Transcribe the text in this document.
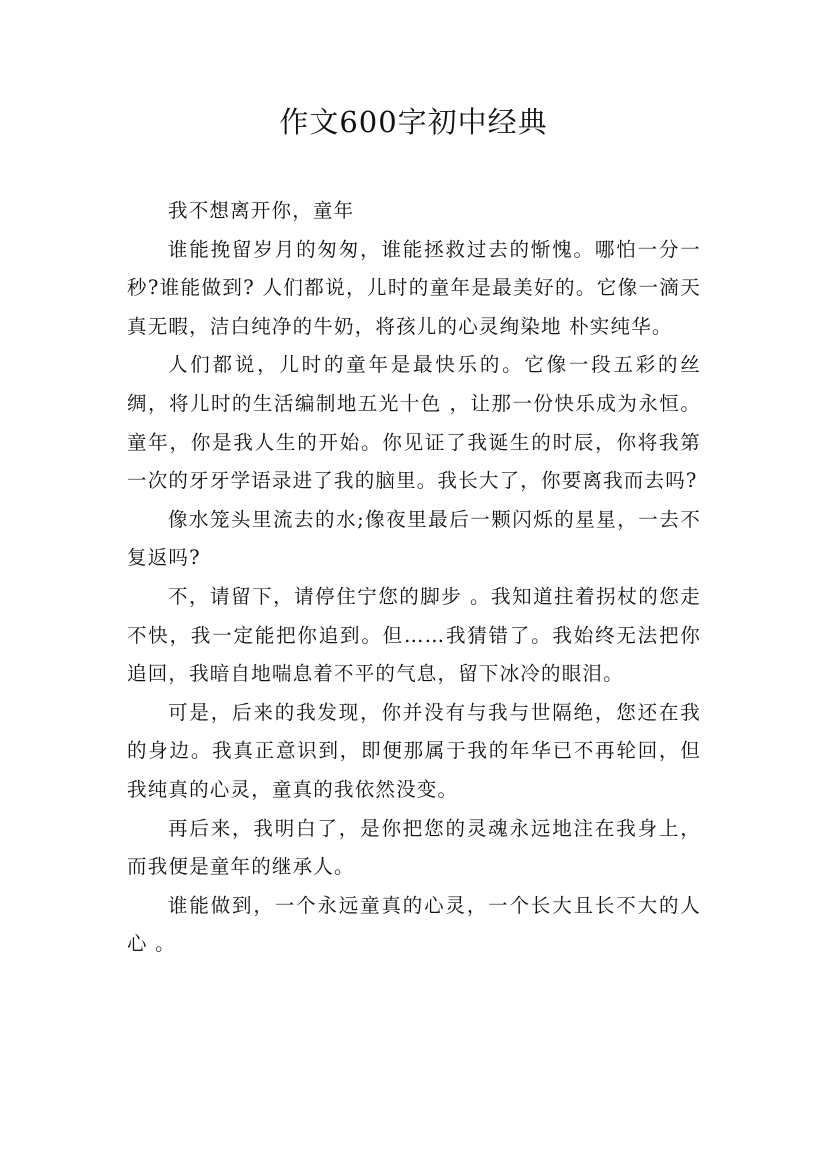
作文600字初中经典

我不想离开你，童年

谁能挽留岁月的匆匆，谁能拯救过去的惭愧。哪怕一分一秒?谁能做到? 人们都说，儿时的童年是最美好的。它像一滴天真无暇，洁白纯净的牛奶，将孩儿的心灵绚染地 朴实纯华。

人们都说，儿时的童年是最快乐的。它像一段五彩的丝绸，将儿时的生活编制地五光十色 ，让那一份快乐成为永恒。 童年，你是我人生的开始。你见证了我诞生的时辰，你将我第一次的牙牙学语录进了我的脑里。我长大了，你要离我而去吗?

像水笼头里流去的水;像夜里最后一颗闪烁的星星，一去不复返吗?

不，请留下，请停住宁您的脚步 。我知道拄着拐杖的您走不快，我一定能把你追到。但……我猜错了。我始终无法把你追回，我暗自地喘息着不平的气息，留下冰冷的眼泪。

可是，后来的我发现，你并没有与我与世隔绝，您还在我的身边。我真正意识到，即便那属于我的年华已不再轮回，但我纯真的心灵，童真的我依然没变。

再后来，我明白了，是你把您的灵魂永远地注在我身上，而我便是童年的继承人。

谁能做到，一个永远童真的心灵，一个长大且长不大的人心 。
